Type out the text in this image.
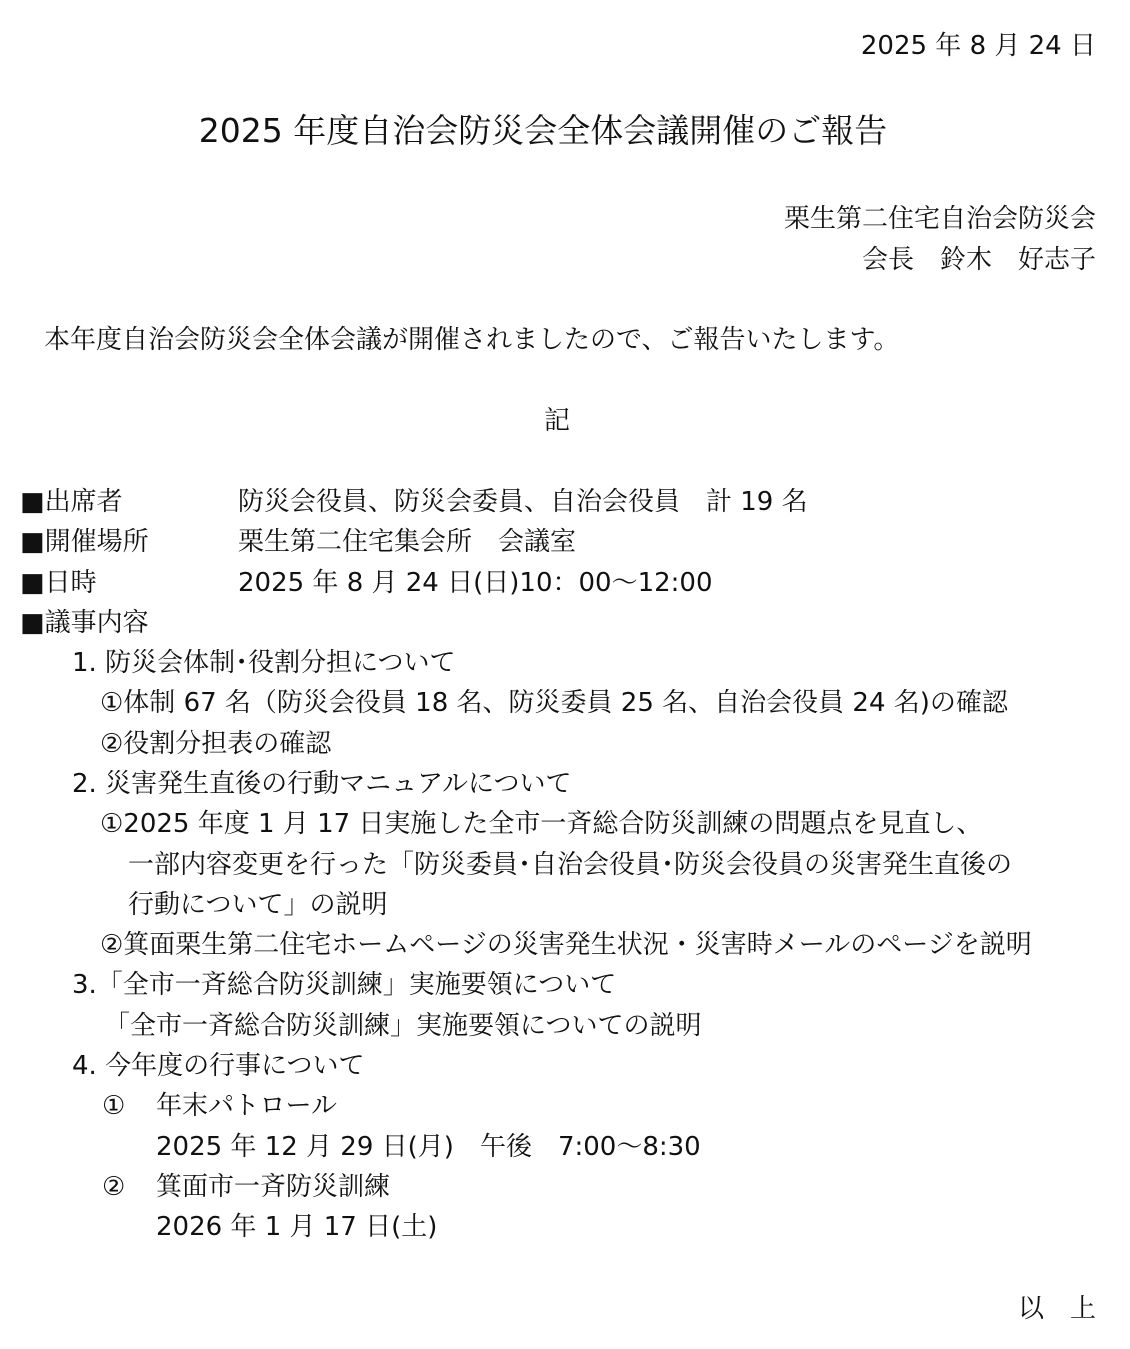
2025 年 8 月 24 日
2025 年度自治会防災会全体会議開催のご報告
栗生第二住宅自治会防災会
会長　鈴木　好志子
本年度自治会防災会全体会議が開催されましたので、ご報告いたします。
記
■出席者	防災会役員、防災会委員、自治会役員　計 19 名
■開催場所	栗生第二住宅集会所　会議室
■日時	2025 年 8 月 24 日(日)10：00～12:00
■議事内容
1. 防災会体制･役割分担について
①体制 67 名（防災会役員 18 名、防災委員 25 名、自治会役員 24 名)の確認
②役割分担表の確認
2. 災害発生直後の行動マニュアルについて
①2025 年度 1 月 17 日実施した全市一斉総合防災訓練の問題点を見直し、
一部内容変更を行った「防災委員･自治会役員･防災会役員の災害発生直後の
行動について」の説明
②箕面栗生第二住宅ホームページの災害発生状況・災害時メールのページを説明
3.「全市一斉総合防災訓練」実施要領について
「全市一斉総合防災訓練」実施要領についての説明
4. 今年度の行事について
① 年末パトロール
2025 年 12 月 29 日(月)　午後　7:00～8:30
② 箕面市一斉防災訓練
2026 年 1 月 17 日(土)
以　上
